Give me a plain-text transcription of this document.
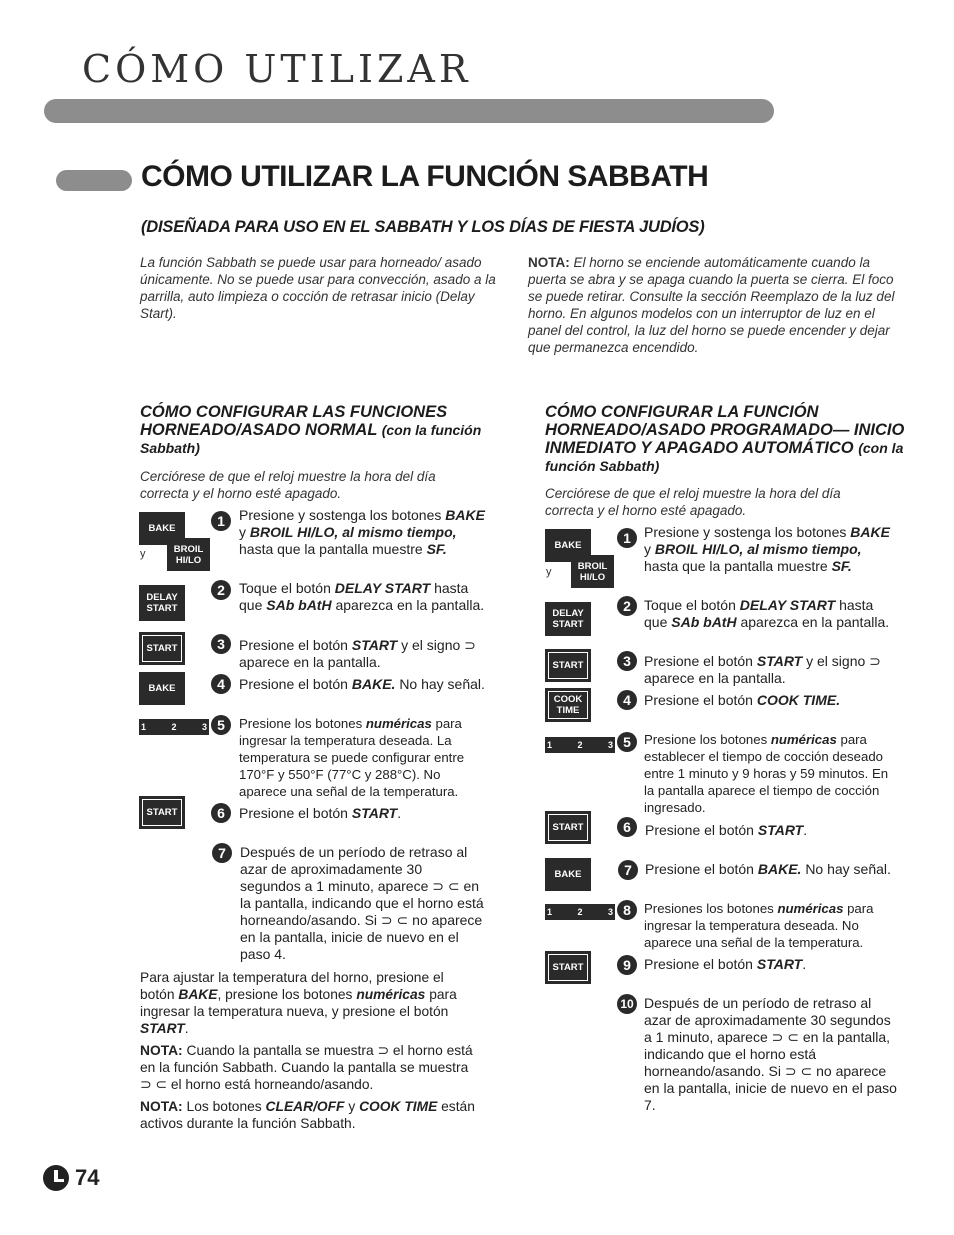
CÓMO UTILIZAR
CÓMO UTILIZAR LA FUNCIÓN SABBATH

(DISEÑADA PARA USO EN EL SABBATH Y LOS DÍAS DE FIESTA JUDÍOS)

La función Sabbath se puede usar para horneado/ asado únicamente. No se puede usar para convección, asado a la parrilla, auto limpieza o cocción de retrasar inicio (Delay Start).

NOTA: El horno se enciende automáticamente cuando la puerta se abra y se apaga cuando la puerta se cierra. El foco se puede retirar. Consulte la sección Reemplazo de la luz del horno. En algunos modelos con un interruptor de luz en el panel del control, la luz del horno se puede encender y dejar que permanezca encendido.

CÓMO CONFIGURAR LAS FUNCIONES HORNEADO/ASADO NORMAL (con la función Sabbath)

Cerciórese de que el reloj muestre la hora del día correcta y el horno esté apagado.

BAKE
y	BROIL
HI/LO
1	Presione y sostenga los botones BAKE y BROIL HI/LO, al mismo tiempo, hasta que la pantalla muestre SF.

DELAY
START
2	Toque el botón DELAY START hasta que SAb bAtH aparezca en la pantalla.

START	3	Presione el botón START y el signo ⊃ aparece en la pantalla.

BAKE	4	Presione el botón BAKE. No hay señal.

1	2	3 5	Presione los botones numéricas para ingresar la temperatura deseada. La temperatura se puede configurar entre 170°F y 550°F (77°C y 288°C). No aparece una señal de la temperatura.

START	6	Presione el botón START.

7	Después de un período de retraso al azar de aproximadamente 30 segundos a 1 minuto, aparece ⊃ ⊂ en la pantalla, indicando que el horno está horneando/asando. Si ⊃ ⊂ no aparece en la pantalla, inicie de nuevo en el paso 4.

Para ajustar la temperatura del horno, presione el botón BAKE, presione los botones numéricas para ingresar la temperatura nueva, y presione el botón START.

NOTA: Cuando la pantalla se muestra ⊃ el horno está en la función Sabbath. Cuando la pantalla se muestra ⊃ ⊂ el horno está horneando/asando.

NOTA: Los botones CLEAR/OFF y COOK TIME están activos durante la función Sabbath.

CÓMO CONFIGURAR LA FUNCIÓN HORNEADO/ASADO PROGRAMADO— INICIO INMEDIATO Y APAGADO AUTOMÁTICO (con la función Sabbath)

Cerciórese de que el reloj muestre la hora del día correcta y el horno esté apagado.

BAKE
y	BROIL
HI/LO
1 Presione y sostenga los botones BAKE y BROIL HI/LO, al mismo tiempo, hasta que la pantalla muestre SF.

DELAY
START
2 Toque el botón DELAY START hasta que SAb bAtH aparezca en la pantalla.

START	3 Presione el botón START y el signo ⊃ aparece en la pantalla.

COOK
TIME
4 Presione el botón COOK TIME.

1	2	3 5 Presione los botones numéricas para establecer el tiempo de cocción deseado entre 1 minuto y 9 horas y 59 minutos. En la pantalla aparece el tiempo de cocción ingresado.

START	6	Presione el botón START.

BAKE	7 Presione el botón BAKE. No hay señal.

1	2	3 8 Presiones los botones numéricas para ingresar la temperatura deseada. No aparece una señal de la temperatura.

START	9 Presione el botón START.

10 Después de un período de retraso al azar de aproximadamente 30 segundos a 1 minuto, aparece ⊃ ⊂ en la pantalla, indicando que el horno está horneando/asando. Si ⊃ ⊂ no aparece en la pantalla, inicie de nuevo en el paso 7.

74
